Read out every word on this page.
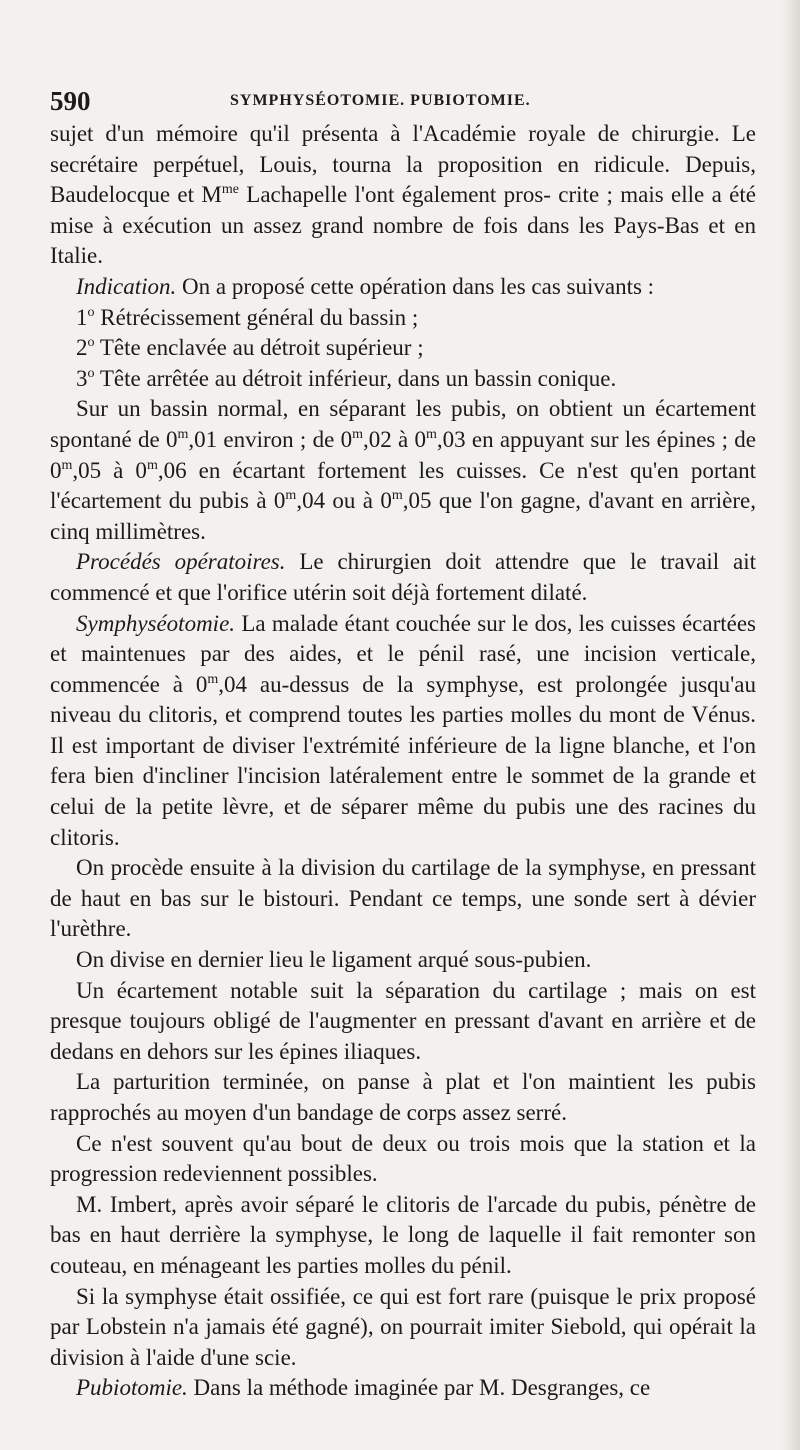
590	SYMPHYSÉOTOMIE. PUBIOTOMIE.

sujet d'un mémoire qu'il présenta à l'Académie royale de chirurgie. Le secrétaire perpétuel, Louis, tourna la proposition en ridicule. Depuis, Baudelocque et $M^{me}$ Lachapelle l'ont également pros- crite ; mais elle a été mise à exécution un assez grand nombre de fois dans les Pays-Bas et en Italie.

Indication. On a proposé cette opération dans les cas suivants :

1$^o$ Rétrécissement général du bassin ;

2$^o$ Tête enclavée au détroit supérieur ;

3$^o$ Tête arrêtée au détroit inférieur, dans un bassin conique.

Sur un bassin normal, en séparant les pubis, on obtient un écartement spontané de 0$^m$,01 environ ; de 0$^m$,02 à 0$^m$,03 en appuyant sur les épines ; de 0$^m$,05 à 0$^m$,06 en écartant fortement les cuisses. Ce n'est qu'en portant l'écartement du pubis à 0$^m$,04 ou à 0$^m$,05 que l'on gagne, d'avant en arrière, cinq millimètres.

Procédés opératoires. Le chirurgien doit attendre que le travail ait commencé et que l'orifice utérin soit déjà fortement dilaté.

Symphyséotomie. La malade étant couchée sur le dos, les cuisses écartées et maintenues par des aides, et le pénil rasé, une incision verticale, commencée à 0$^m$,04 au-dessus de la symphyse, est prolongée jusqu'au niveau du clitoris, et comprend toutes les parties molles du mont de Vénus. Il est important de diviser l'extrémité inférieure de la ligne blanche, et l'on fera bien d'incliner l'incision latéralement entre le sommet de la grande et celui de la petite lèvre, et de séparer même du pubis une des racines du clitoris.

On procède ensuite à la division du cartilage de la symphyse, en pressant de haut en bas sur le bistouri. Pendant ce temps, une sonde sert à dévier l'urèthre.

On divise en dernier lieu le ligament arqué sous-pubien.

Un écartement notable suit la séparation du cartilage ; mais on est presque toujours obligé de l'augmenter en pressant d'avant en arrière et de dedans en dehors sur les épines iliaques.

La parturition terminée, on panse à plat et l'on maintient les pubis rapprochés au moyen d'un bandage de corps assez serré.

Ce n'est souvent qu'au bout de deux ou trois mois que la station et la progression redeviennent possibles.

M. Imbert, après avoir séparé le clitoris de l'arcade du pubis, pénètre de bas en haut derrière la symphyse, le long de laquelle il fait remonter son couteau, en ménageant les parties molles du pénil.

Si la symphyse était ossifiée, ce qui est fort rare (puisque le prix proposé par Lobstein n'a jamais été gagné), on pourrait imiter Siebold, qui opérait la division à l'aide d'une scie.

Pubiotomie. Dans la méthode imaginée par M. Desgranges, ce
